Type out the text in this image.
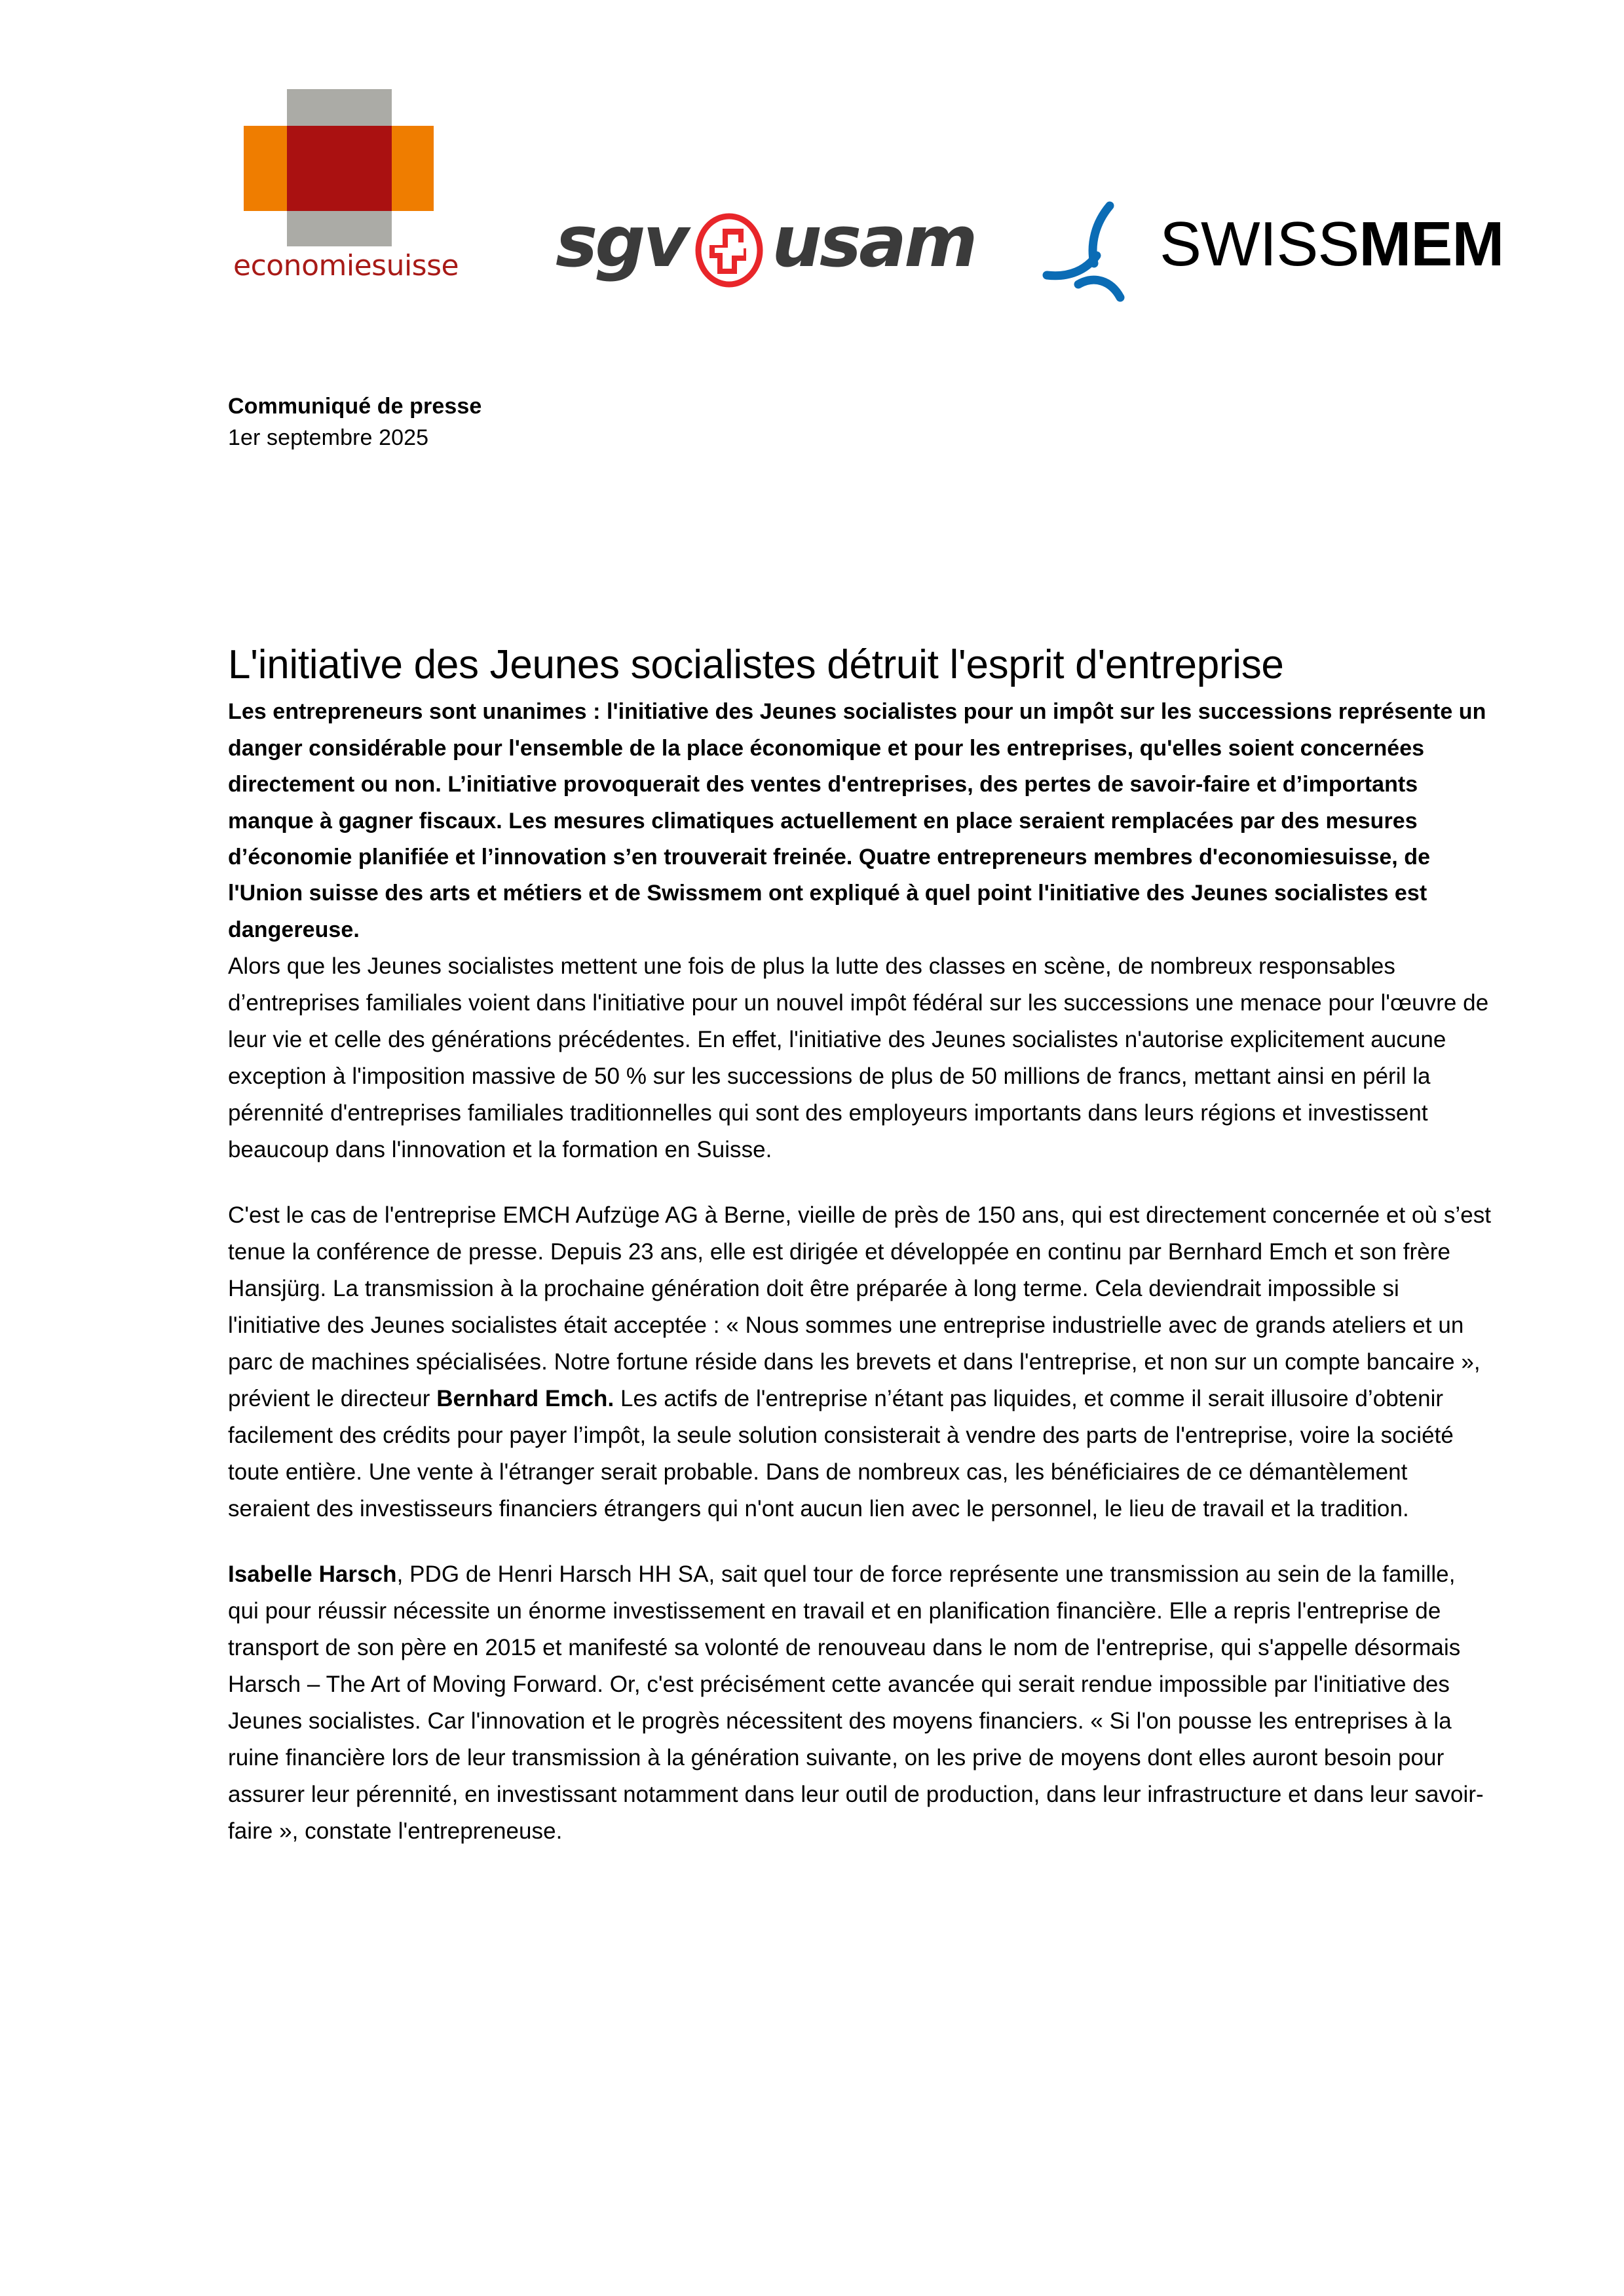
economiesuisse sgv usam	SWISSMEM
Communiqué de presse
1er septembre 2025
L'initiative des Jeunes socialistes détruit l'esprit d'entreprise

Les entrepreneurs sont unanimes : l'initiative des Jeunes socialistes pour un impôt sur les successions représente un danger considérable pour l'ensemble de la place économique et pour les entreprises, qu'elles soient concernées directement ou non. L’initiative provoquerait des ventes d'entreprises, des pertes de savoir-faire et d’importants manque à gagner fiscaux. Les mesures climatiques actuellement en place seraient remplacées par des mesures d’économie planifiée et l’innovation s’en trouverait freinée. Quatre entrepreneurs membres d'economiesuisse, de l'Union suisse des arts et métiers et de Swissmem ont expliqué à quel point l'initiative des Jeunes socialistes est dangereuse.

Alors que les Jeunes socialistes mettent une fois de plus la lutte des classes en scène, de nombreux responsables d’entreprises familiales voient dans l'initiative pour un nouvel impôt fédéral sur les successions une menace pour l'œuvre de leur vie et celle des générations précédentes. En effet, l'initiative des Jeunes socialistes n'autorise explicitement aucune exception à l'imposition massive de 50 % sur les successions de plus de 50 millions de francs, mettant ainsi en péril la pérennité d'entreprises familiales traditionnelles qui sont des employeurs importants dans leurs régions et investissent beaucoup dans l'innovation et la formation en Suisse.

C'est le cas de l'entreprise EMCH Aufzüge AG à Berne, vieille de près de 150 ans, qui est directement concernée et où s’est tenue la conférence de presse. Depuis 23 ans, elle est dirigée et développée en continu par Bernhard Emch et son frère Hansjürg. La transmission à la prochaine génération doit être préparée à long terme. Cela deviendrait impossible si l'initiative des Jeunes socialistes était acceptée : « Nous sommes une entreprise industrielle avec de grands ateliers et un parc de machines spécialisées. Notre fortune réside dans les brevets et dans l'entreprise, et non sur un compte bancaire », prévient le directeur Bernhard Emch. Les actifs de l'entreprise n’étant pas liquides, et comme il serait illusoire d’obtenir facilement des crédits pour payer l’impôt, la seule solution consisterait à vendre des parts de l'entreprise, voire la société toute entière. Une vente à l'étranger serait probable. Dans de nombreux cas, les bénéficiaires de ce démantèlement seraient des investisseurs financiers étrangers qui n'ont aucun lien avec le personnel, le lieu de travail et la tradition.

Isabelle Harsch, PDG de Henri Harsch HH SA, sait quel tour de force représente une transmission au sein de la famille, qui pour réussir nécessite un énorme investissement en travail et en planification financière. Elle a repris l'entreprise de transport de son père en 2015 et manifesté sa volonté de renouveau dans le nom de l'entreprise, qui s'appelle désormais Harsch – The Art of Moving Forward. Or, c'est précisément cette avancée qui serait rendue impossible par l'initiative des Jeunes socialistes. Car l'innovation et le progrès nécessitent des moyens financiers. « Si l'on pousse les entreprises à la ruine financière lors de leur transmission à la génération suivante, on les prive de moyens dont elles auront besoin pour assurer leur pérennité, en investissant notamment dans leur outil de production, dans leur infrastructure et dans leur savoir-faire », constate l'entrepreneuse.
